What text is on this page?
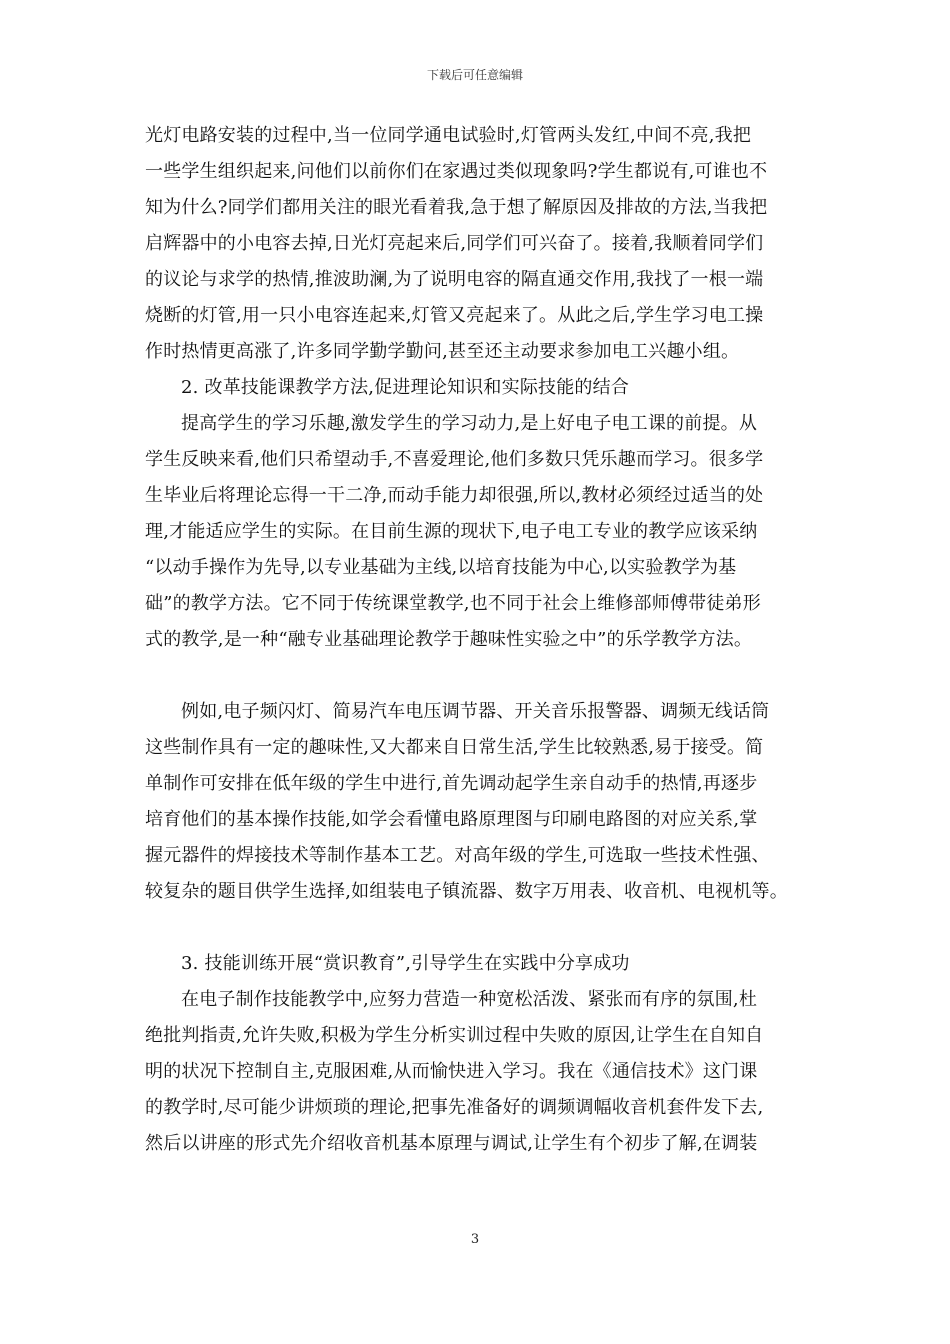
下载后可任意编辑
光灯电路安装的过程中,当一位同学通电试验时,灯管两头发红,中间不亮,我把
一些学生组织起来,问他们以前你们在家遇过类似现象吗?学生都说有,可谁也不
知为什么?同学们都用关注的眼光看着我,急于想了解原因及排故的方法,当我把
启辉器中的小电容去掉,日光灯亮起来后,同学们可兴奋了。接着,我顺着同学们
的议论与求学的热情,推波助澜,为了说明电容的隔直通交作用,我找了一根一端
烧断的灯管,用一只小电容连起来,灯管又亮起来了。从此之后,学生学习电工操
作时热情更高涨了,许多同学勤学勤问,甚至还主动要求参加电工兴趣小组。
2. 改革技能课教学方法,促进理论知识和实际技能的结合
提高学生的学习乐趣,激发学生的学习动力,是上好电子电工课的前提。从
学生反映来看,他们只希望动手,不喜爱理论,他们多数只凭乐趣而学习。很多学
生毕业后将理论忘得一干二净,而动手能力却很强,所以,教材必须经过适当的处
理,才能适应学生的实际。在目前生源的现状下,电子电工专业的教学应该采纳
“以动手操作为先导,以专业基础为主线,以培育技能为中心,以实验教学为基
础”的教学方法。它不同于传统课堂教学,也不同于社会上维修部师傅带徒弟形
式的教学,是一种“融专业基础理论教学于趣味性实验之中”的乐学教学方法。
例如,电子频闪灯、简易汽车电压调节器、开关音乐报警器、调频无线话筒
这些制作具有一定的趣味性,又大都来自日常生活,学生比较熟悉,易于接受。简
单制作可安排在低年级的学生中进行,首先调动起学生亲自动手的热情,再逐步
培育他们的基本操作技能,如学会看懂电路原理图与印刷电路图的对应关系,掌
握元器件的焊接技术等制作基本工艺。对高年级的学生,可选取一些技术性强、
较复杂的题目供学生选择,如组装电子镇流器、数字万用表、收音机、电视机等。
3. 技能训练开展“赏识教育”,引导学生在实践中分享成功
在电子制作技能教学中,应努力营造一种宽松活泼、紧张而有序的氛围,杜
绝批判指责,允许失败,积极为学生分析实训过程中失败的原因,让学生在自知自
明的状况下控制自主,克服困难,从而愉快进入学习。我在《通信技术》这门课
的教学时,尽可能少讲烦琐的理论,把事先准备好的调频调幅收音机套件发下去,
然后以讲座的形式先介绍收音机基本原理与调试,让学生有个初步了解,在调装
3
